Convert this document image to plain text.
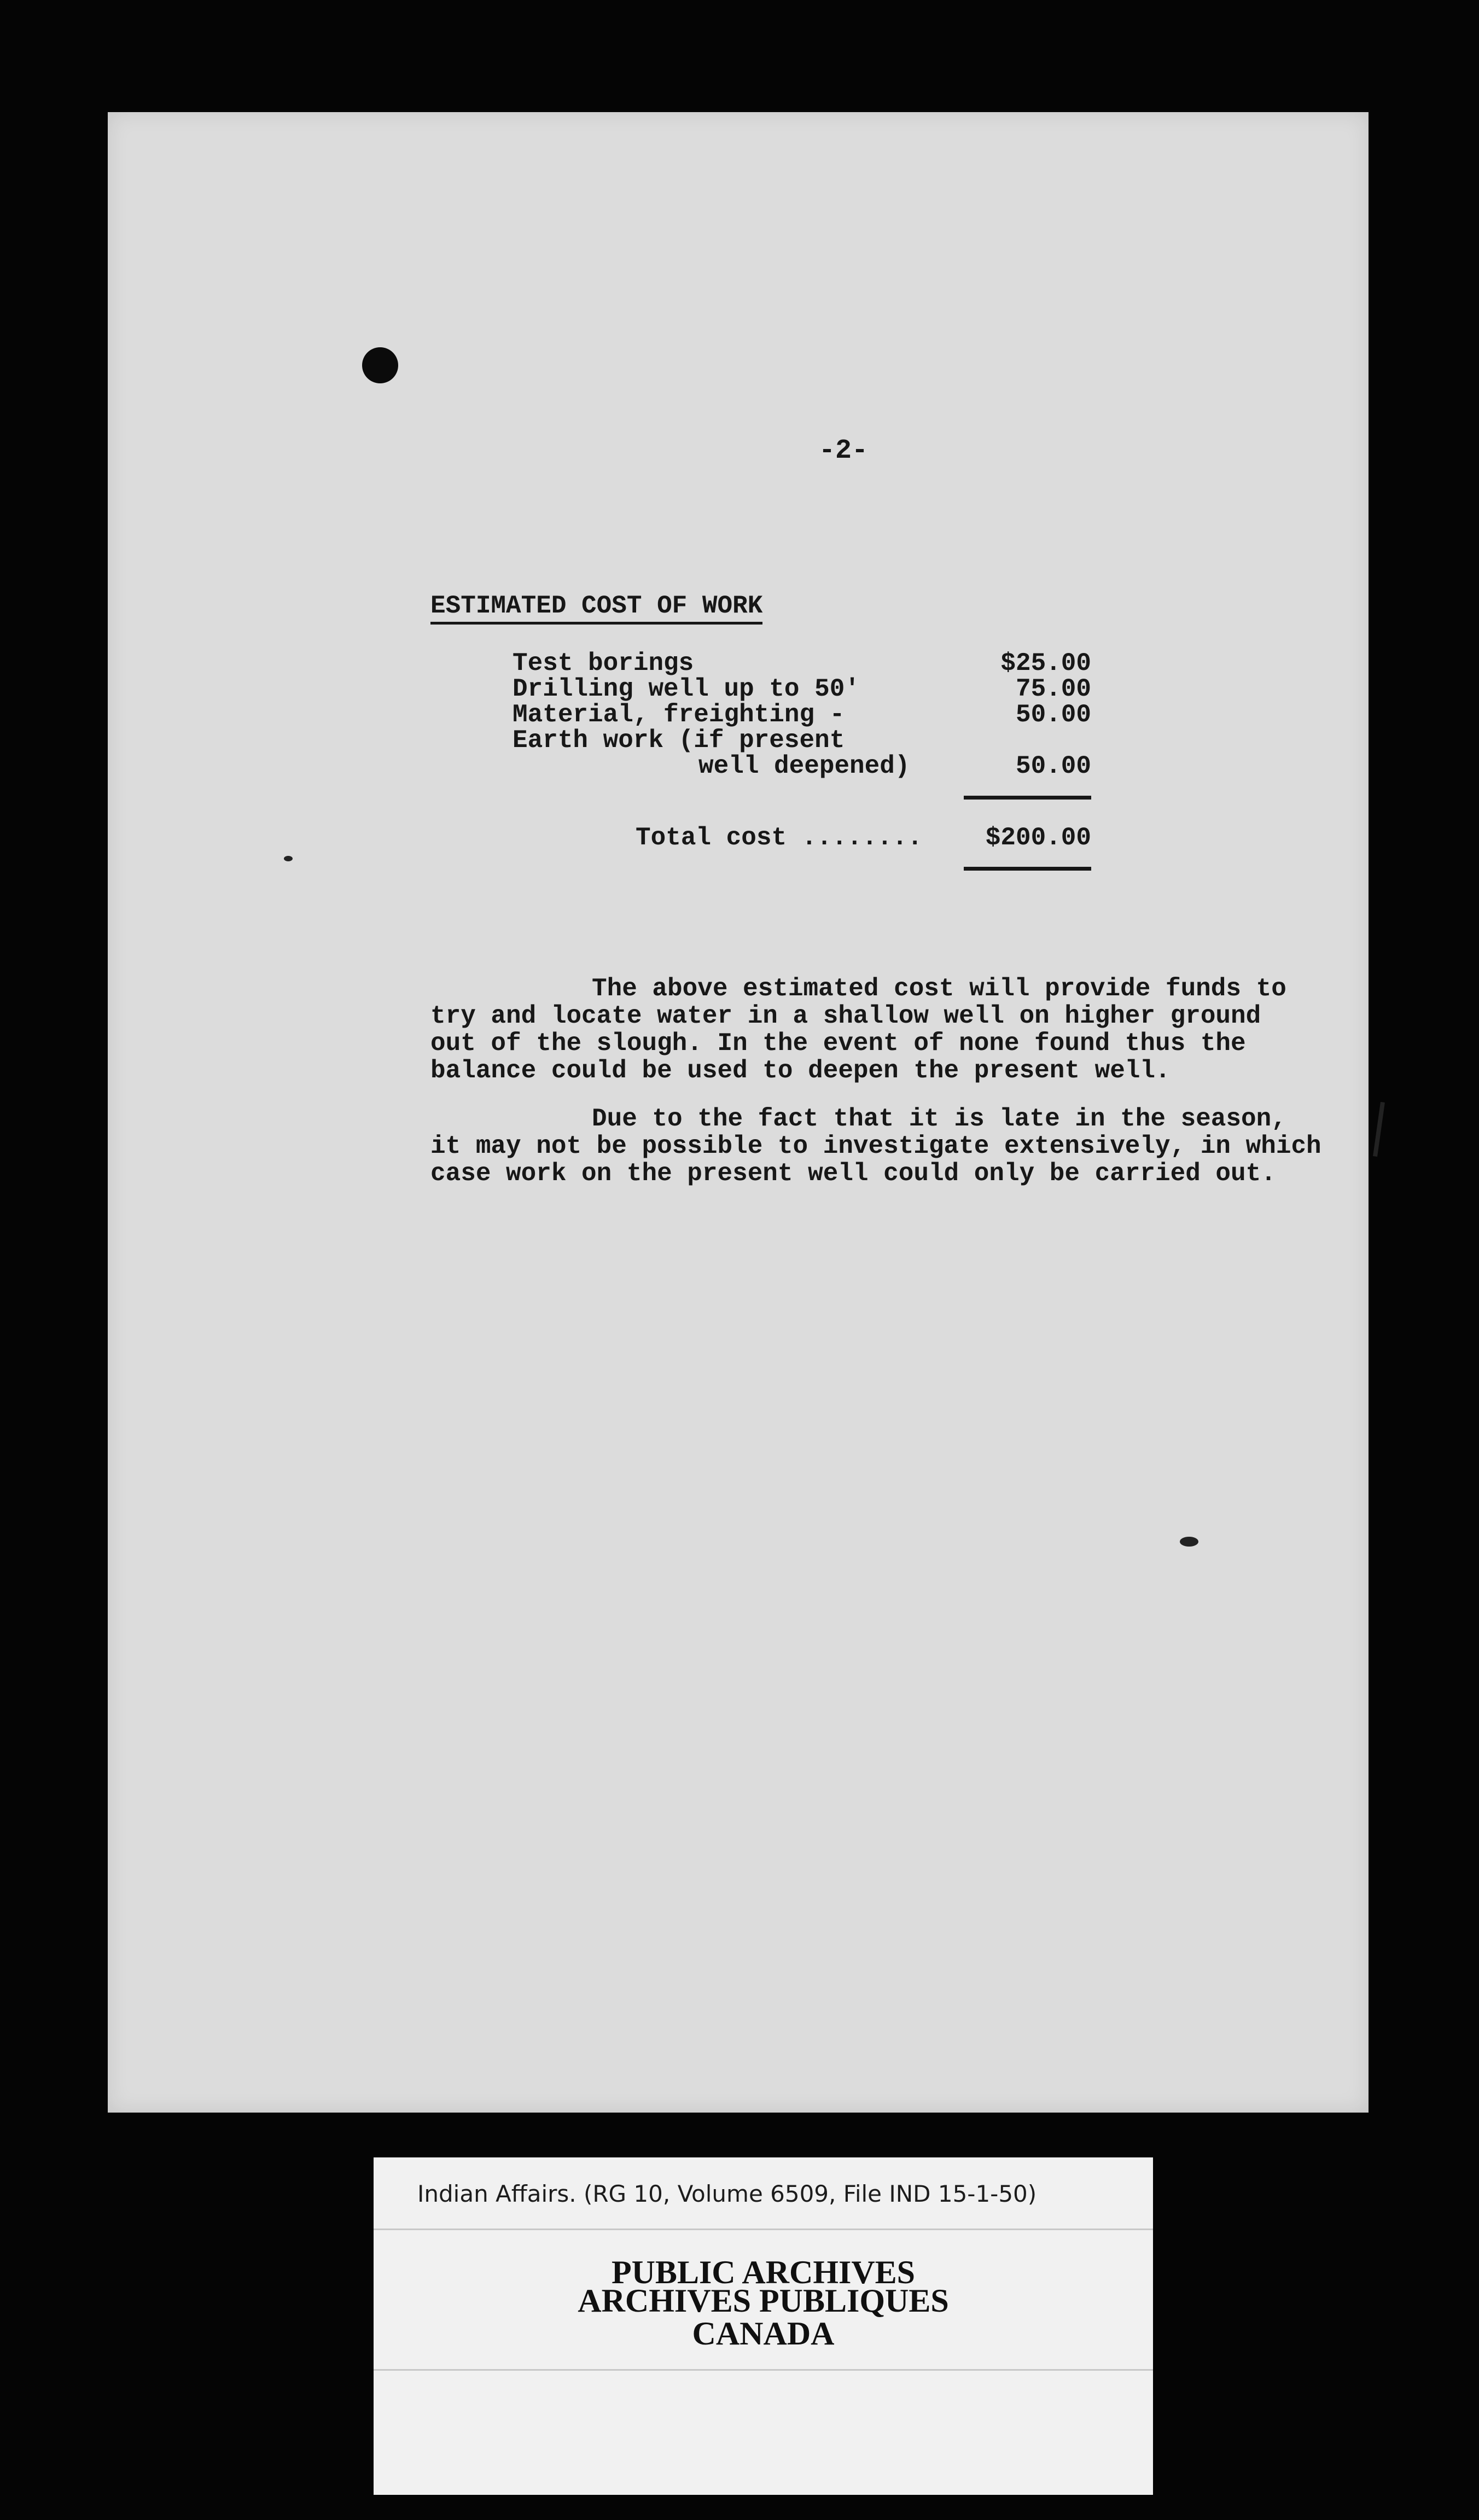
-2-
ESTIMATED COST OF WORK
Test borings	$25.00
Drilling well up to 50'	75.00
Material, freighting -	50.00
Earth work (if present
well deepened)	50.00
Total cost ........	$200.00
The above estimated cost will provide funds to
try and locate water in a shallow well on higher ground
out of the slough. In the event of none found thus the
balance could be used to deepen the present well.
Due to the fact that it is late in the season,
it may not be possible to investigate extensively, in which
case work on the present well could only be carried out.
Indian Affairs. (RG 10, Volume 6509, File IND 15-1-50)
PUBLIC ARCHIVES
ARCHIVES PUBLIQUES
CANADA
